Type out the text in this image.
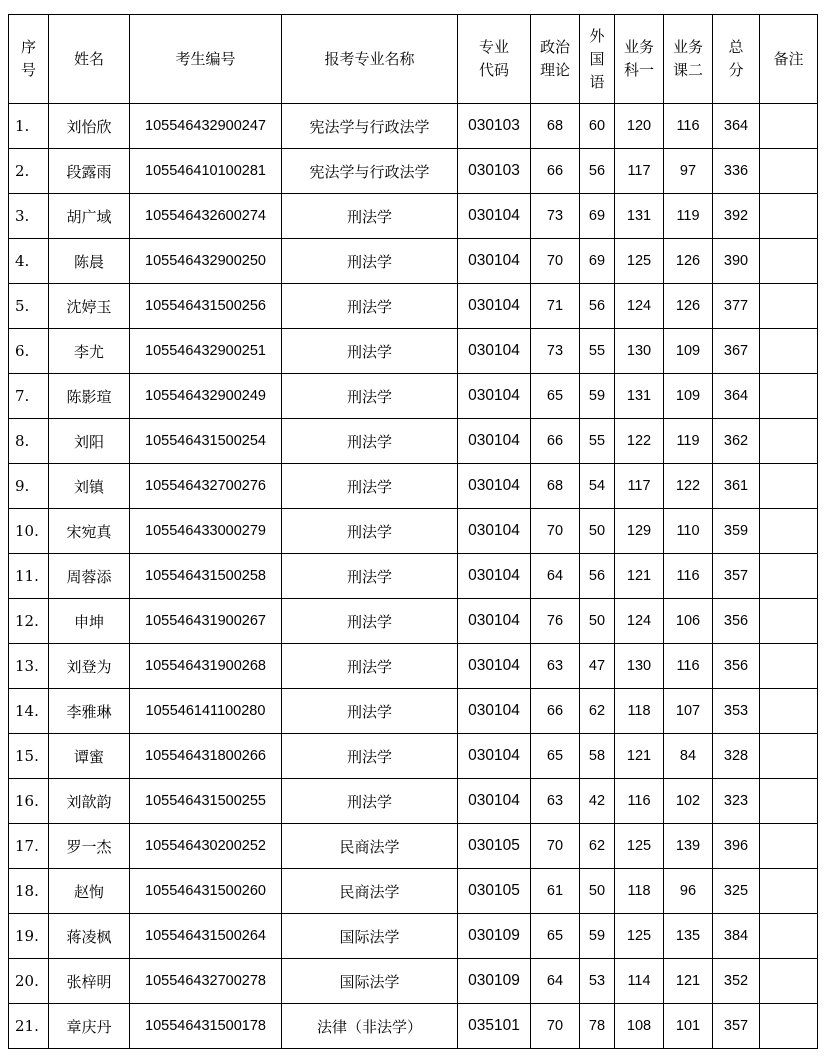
序号	姓名	考生编号	报考专业名称	专业代码	政治理论	外国语	业务科一	业务课二	总分	备注
1.	刘怡欣	105546432900247	宪法学与行政法学	030103	68	60	120	116	364	
2.	段露雨	105546410100281	宪法学与行政法学	030103	66	56	117	97	336	
3.	胡广域	105546432600274	刑法学	030104	73	69	131	119	392	
4.	陈晨	105546432900250	刑法学	030104	70	69	125	126	390	
5.	沈婷玉	105546431500256	刑法学	030104	71	56	124	126	377	
6.	李尤	105546432900251	刑法学	030104	73	55	130	109	367	
7.	陈影瑄	105546432900249	刑法学	030104	65	59	131	109	364	
8.	刘阳	105546431500254	刑法学	030104	66	55	122	119	362	
9.	刘镇	105546432700276	刑法学	030104	68	54	117	122	361	
10.	宋宛真	105546433000279	刑法学	030104	70	50	129	110	359	
11.	周蓉添	105546431500258	刑法学	030104	64	56	121	116	357	
12.	申坤	105546431900267	刑法学	030104	76	50	124	106	356	
13.	刘登为	105546431900268	刑法学	030104	63	47	130	116	356	
14.	李雅琳	105546141100280	刑法学	030104	66	62	118	107	353	
15.	谭蜜	105546431800266	刑法学	030104	65	58	121	84	328	
16.	刘歆韵	105546431500255	刑法学	030104	63	42	116	102	323	
17.	罗一杰	105546430200252	民商法学	030105	70	62	125	139	396	
18.	赵恂	105546431500260	民商法学	030105	61	50	118	96	325	
19.	蒋凌枫	105546431500264	国际法学	030109	65	59	125	135	384	
20.	张梓明	105546432700278	国际法学	030109	64	53	114	121	352	
21.	章庆丹	105546431500178	法律（非法学）	035101	70	78	108	101	357	
